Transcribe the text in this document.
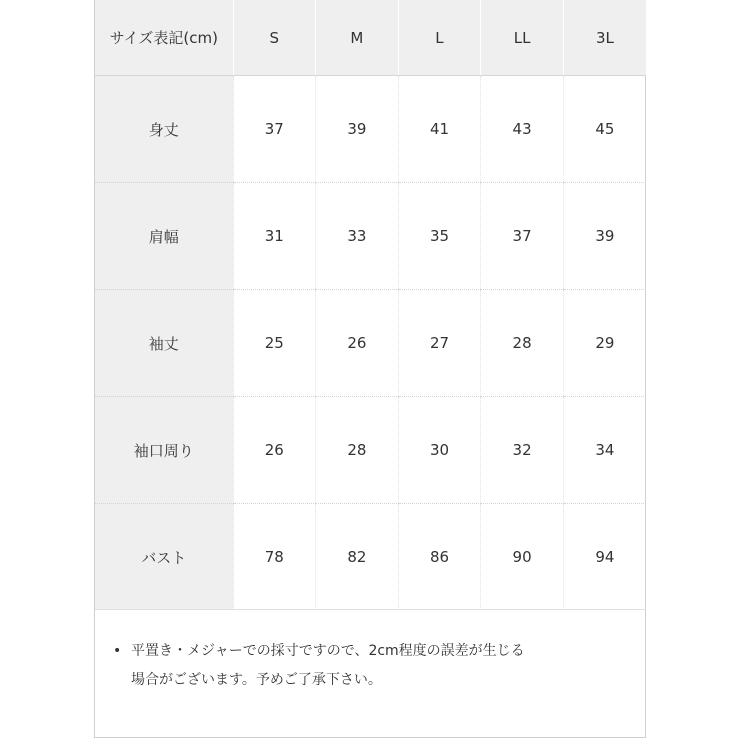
サイズ表記(cm)	S	M	L	LL	3L
身丈	37	39	41	43	45
肩幅	31	33	35	37	39
袖丈	25	26	27	28	29
袖口周り	26	28	30	32	34
バスト	78	82	86	90	94
• 平置き・メジャーでの採寸ですので、2cm程度の誤差が生じる
場合がございます。予めご了承下さい。
